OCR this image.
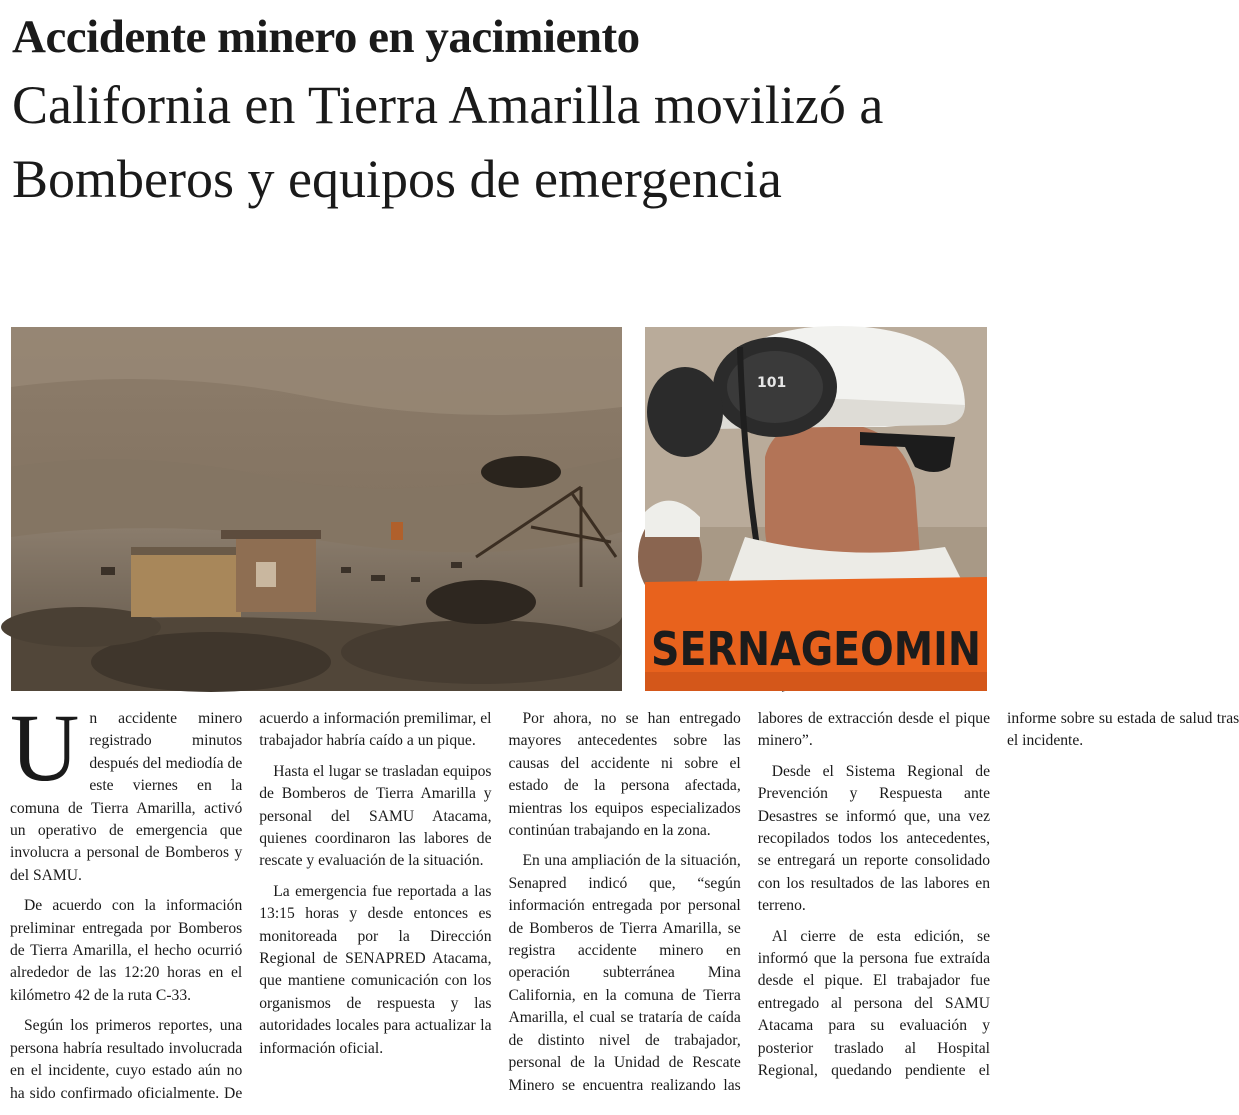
Accidente minero en yacimiento
California en Tierra Amarilla movilizó a Bomberos y equipos de emergencia
101
SERNAGEOMIN

Un accidente minero registrado minutos después del mediodía de este viernes en la comuna de Tierra Amarilla, activó un operativo de emergencia que involucra a personal de Bomberos y del SAMU.

De acuerdo con la información preliminar entregada por Bomberos de Tierra Amarilla, el hecho ocurrió alrededor de las 12:20 horas en el kilómetro 42 de la ruta C-33.

Según los primeros reportes, una persona habría resultado involucrada en el incidente, cuyo estado aún no ha sido confirmado oficialmente. De acuerdo a información premilimar, el trabajador habría caído a un pique.

Hasta el lugar se trasladan equipos de Bomberos de Tierra Amarilla y personal del SAMU Atacama, quienes coordinaron las labores de rescate y evaluación de la situación.

La emergencia fue reportada a las 13:15 horas y desde entonces es monitoreada por la Dirección Regional de SENAPRED Atacama, que mantiene comunicación con los organismos de respuesta y las autoridades locales para actualizar la información oficial.

Por ahora, no se han entregado mayores antecedentes sobre las causas del accidente ni sobre el estado de la persona afectada, mientras los equipos especializados continúan trabajando en la zona.

En una ampliación de la situación, Senapred indicó que, “según información entregada por personal de Bomberos de Tierra Amarilla, se registra accidente minero en operación subterránea Mina California, en la comuna de Tierra Amarilla, el cual se trataría de caída de distinto nivel de trabajador, personal de la Unidad de Rescate Minero se encuentra realizando las labores de extracción desde el pique minero”.

Desde el Sistema Regional de Prevención y Respuesta ante Desastres se informó que, una vez recopilados todos los antecedentes, se entregará un reporte consolidado con los resultados de las labores en terreno.

Al cierre de esta edición, se informó que la persona fue extraída desde el pique. El trabajador fue entregado al persona del SAMU Atacama para su evaluación y posterior traslado al Hospital Regional, quedando pendiente el informe sobre su estada de salud tras el incidente.
